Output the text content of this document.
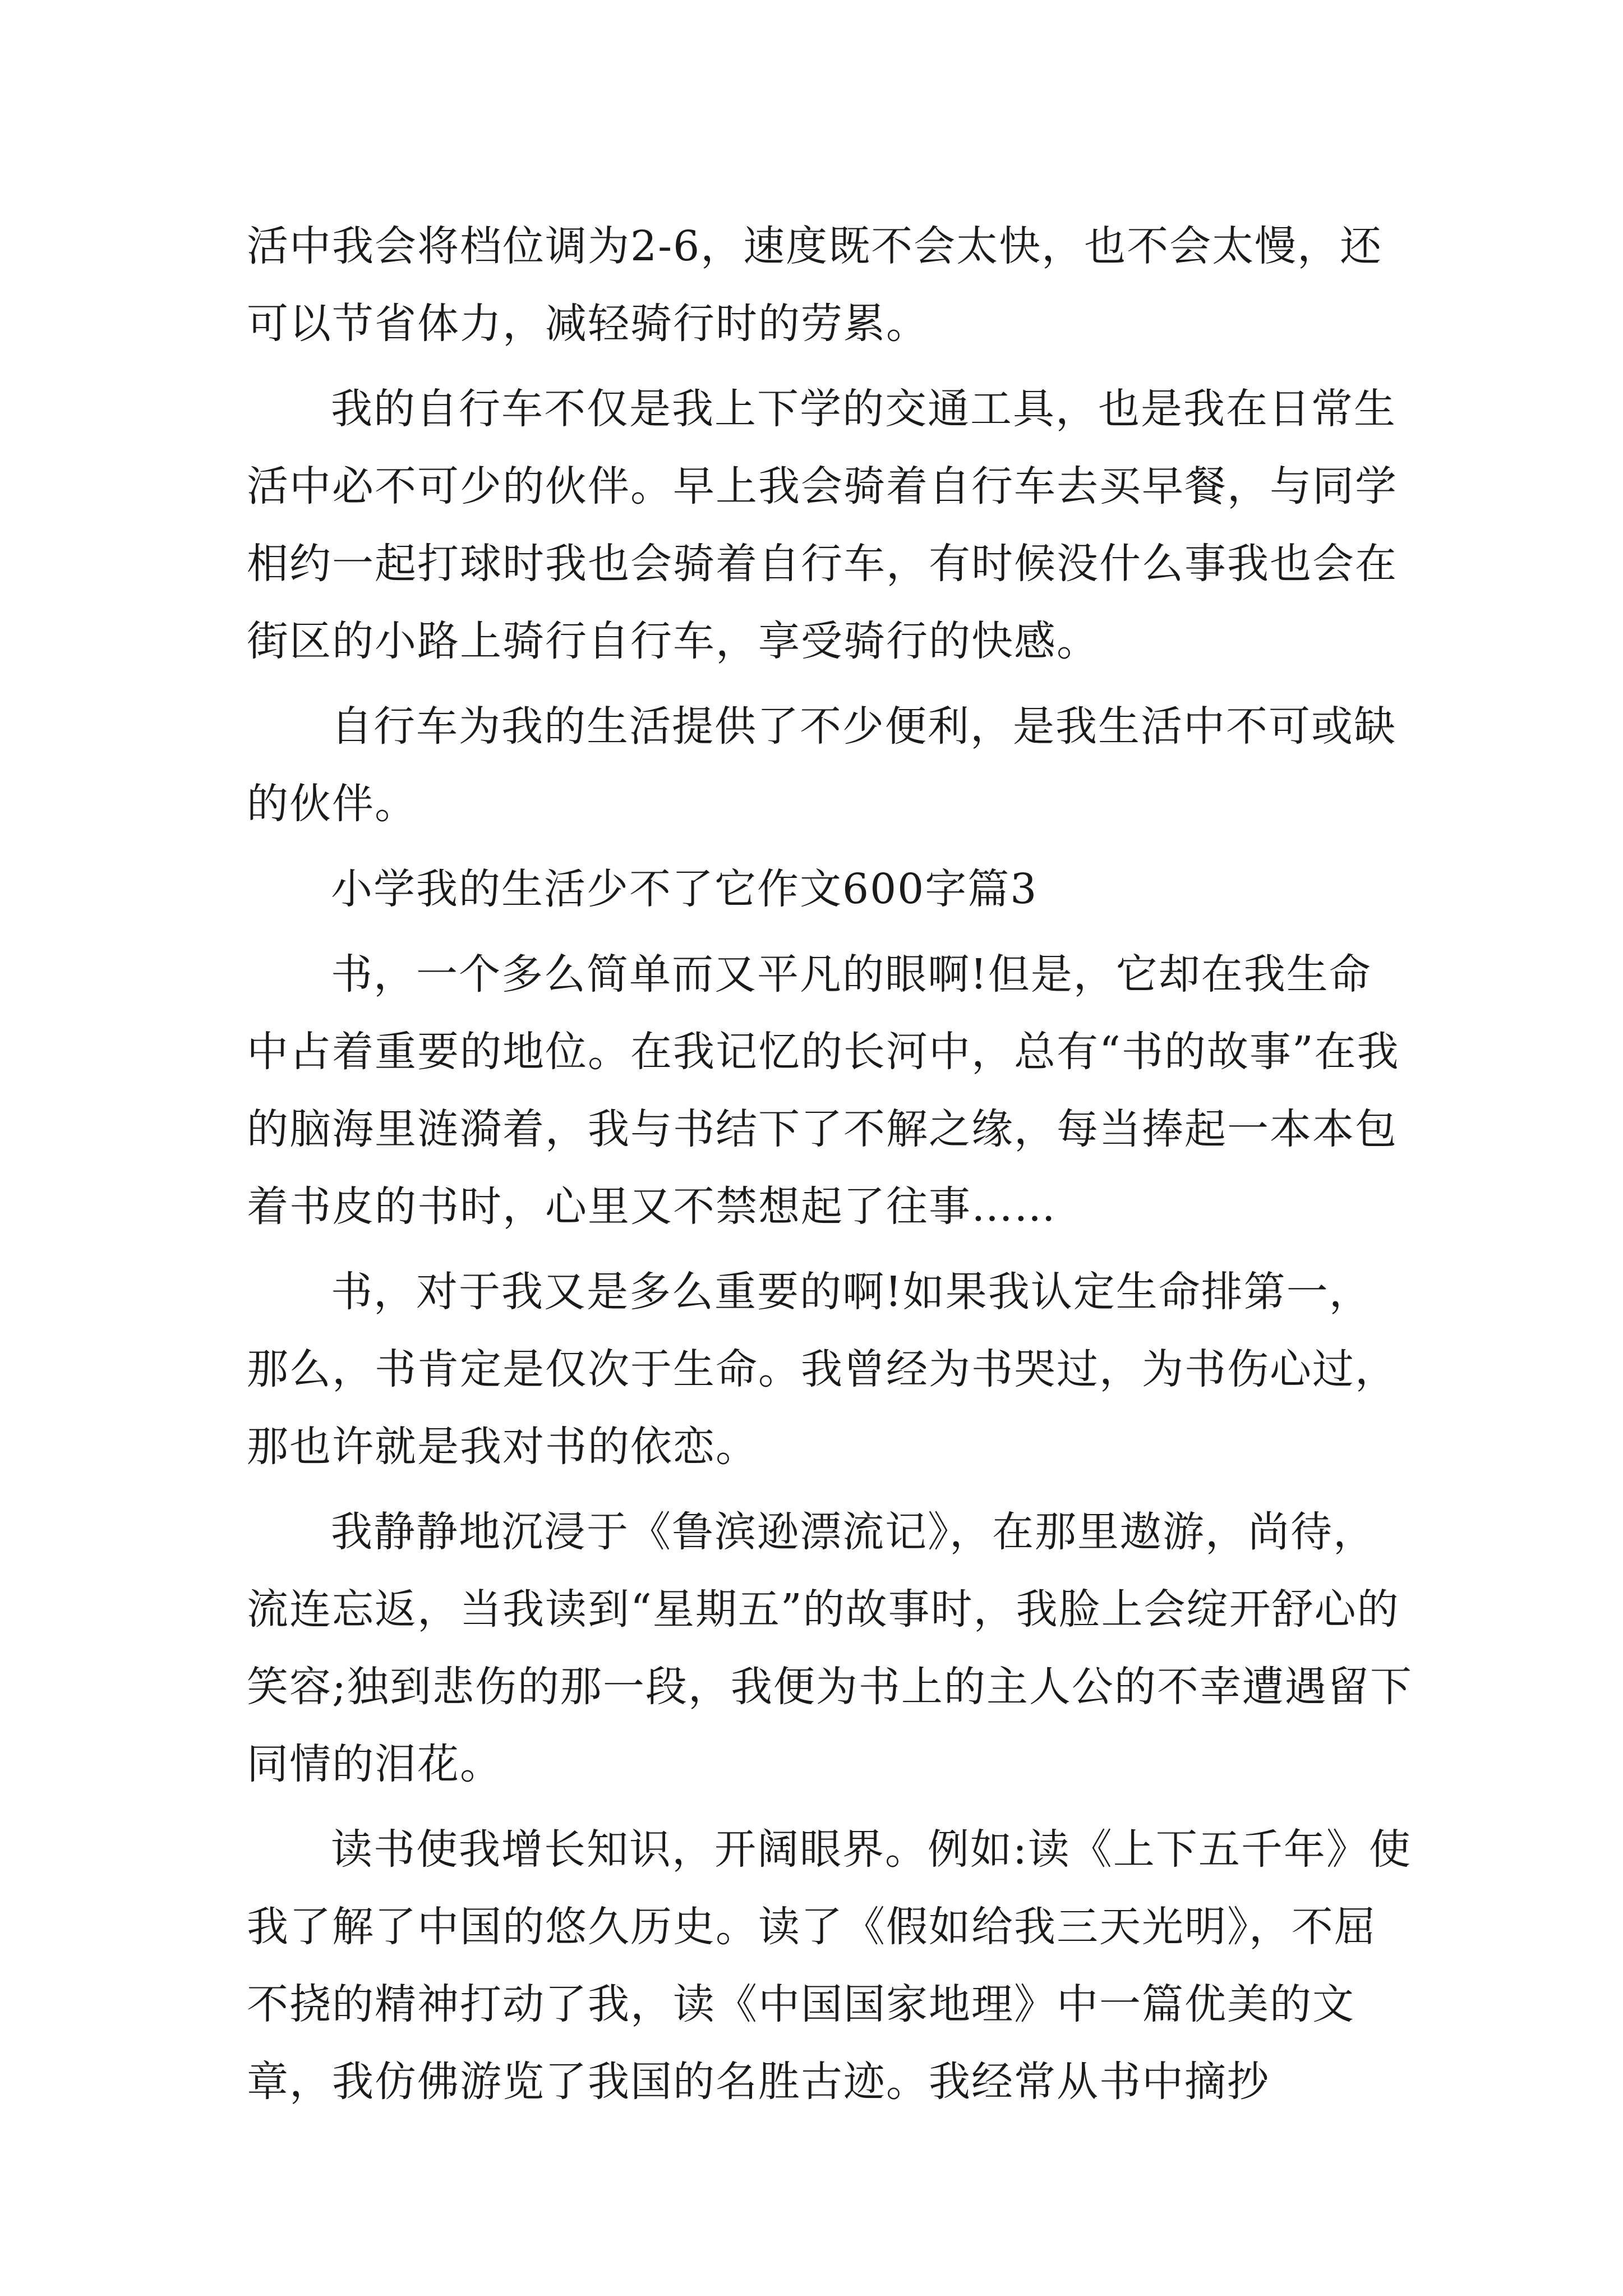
活中我会将档位调为2-6，速度既不会太快，也不会太慢，还可以节省体力，减轻骑行时的劳累。

我的自行车不仅是我上下学的交通工具，也是我在日常生活中必不可少的伙伴。早上我会骑着自行车去买早餐，与同学相约一起打球时我也会骑着自行车，有时候没什么事我也会在街区的小路上骑行自行车，享受骑行的快感。

自行车为我的生活提供了不少便利，是我生活中不可或缺的伙伴。

小学我的生活少不了它作文600字篇3

书，一个多么简单而又平凡的眼啊!但是，它却在我生命中占着重要的地位。在我记忆的长河中，总有“书的故事”在我的脑海里涟漪着，我与书结下了不解之缘，每当捧起一本本包着书皮的书时，心里又不禁想起了往事……

书，对于我又是多么重要的啊!如果我认定生命排第一，那么，书肯定是仅次于生命。我曾经为书哭过，为书伤心过，那也许就是我对书的依恋。

我静静地沉浸于《鲁滨逊漂流记》，在那里遨游，尚待，流连忘返，当我读到“星期五”的故事时，我脸上会绽开舒心的笑容;独到悲伤的那一段，我便为书上的主人公的不幸遭遇留下同情的泪花。

读书使我增长知识，开阔眼界。例如:读《上下五千年》使我了解了中国的悠久历史。读了《假如给我三天光明》，不屈不挠的精神打动了我，读《中国国家地理》中一篇优美的文章，我仿佛游览了我国的名胜古迹。我经常从书中摘抄
